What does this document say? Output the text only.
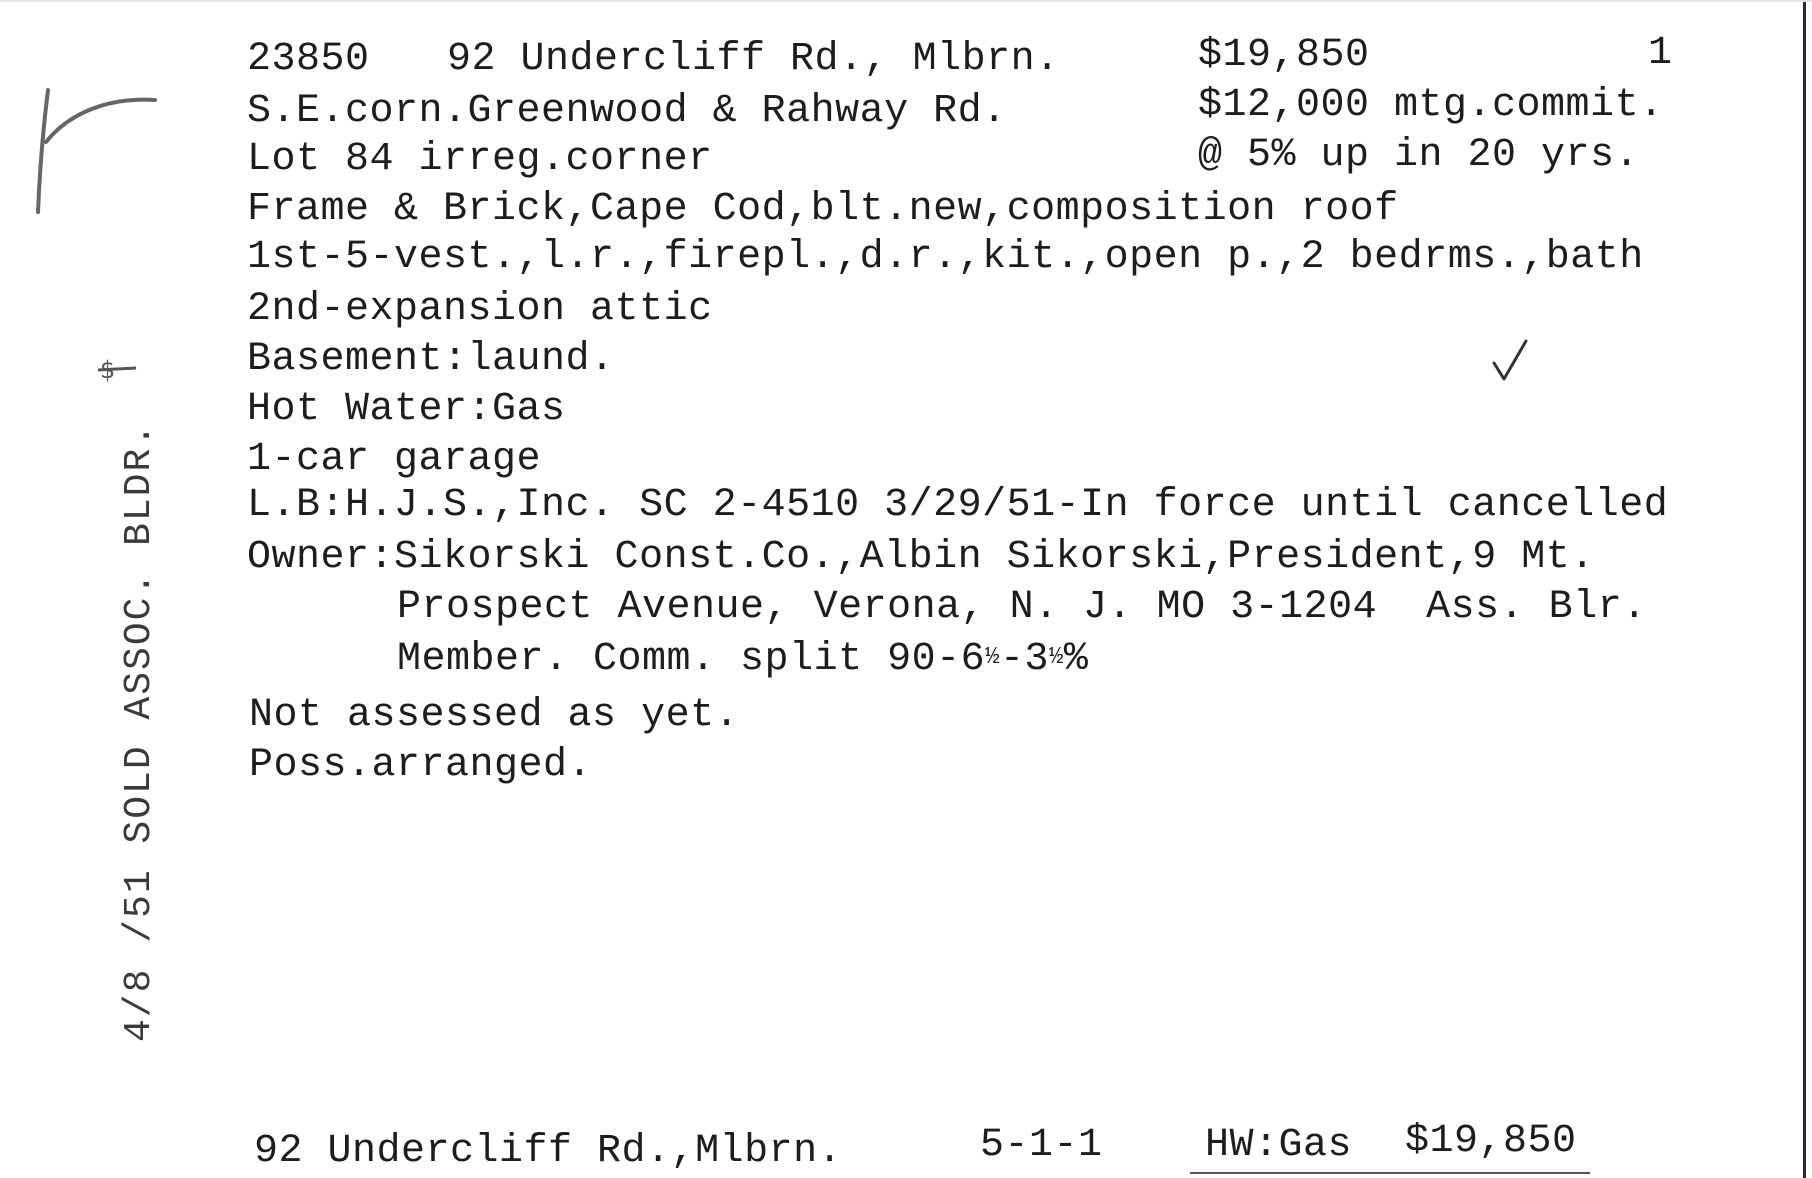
23850 92 Undercliff Rd., Mlbrn.	$19,850	1
S.E.corn.Greenwood & Rahway Rd.	$12,000 mtg.commit.
Lot 84 irreg.corner	@ 5% up in 20 yrs.
Frame & Brick,Cape Cod,blt.new,composition roof
1st-5-vest.,l.r.,firepl.,d.r.,kit.,open p.,2 bedrms.,bath
2nd-expansion attic
Basement:laund.
Hot Water:Gas
1-car garage
L.B:H.J.S.,Inc. SC 2-4510 3/29/51-In force until cancelled
Owner:Sikorski Const.Co.,Albin Sikorski,President,9 Mt.
Prospect Avenue, Verona, N. J. MO 3-1204  Ass. Blr.
Member. Comm. split 90-6½-3½%
Not assessed as yet.
Poss.arranged.
4/8 /51 SOLD ASSOC. BLDR.
92 Undercliff Rd.,Mlbrn.	5-1-1	HW:Gas $19,850
